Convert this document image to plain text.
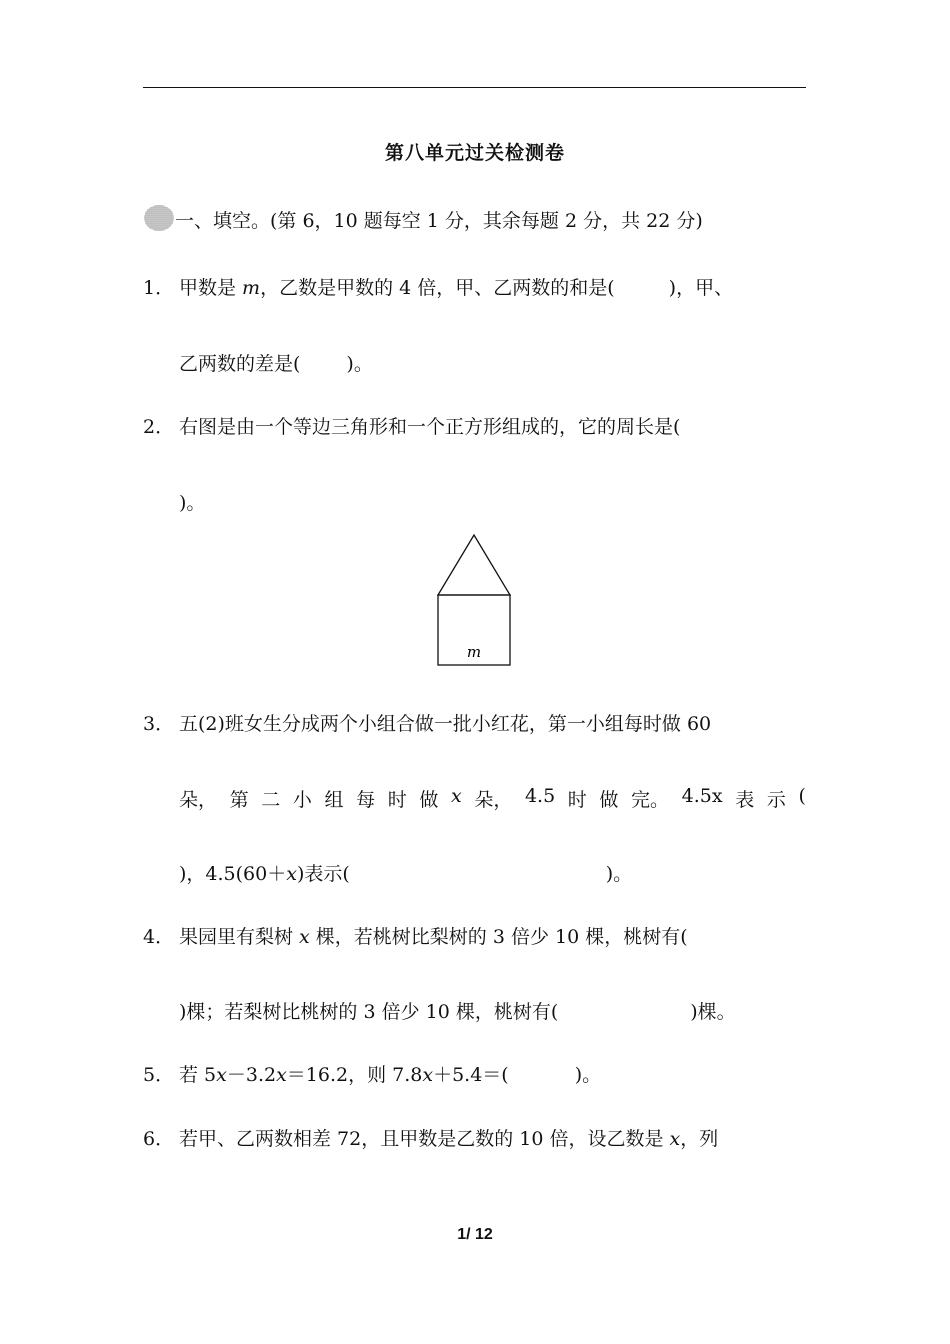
第八单元过关检测卷
一、填空。(第 6，10 题每空 1 分，其余每题 2 分，共 22 分)
1． 甲数是 m，乙数是甲数的 4 倍，甲、乙两数的和是(	)，甲、
乙两数的差是( )。
2． 右图是由一个等边三角形和一个正方形组成的，它的周长是(
)。
m
3． 五(2)班女生分成两个小组合做一批小红花，第一小组每时做 60
朵， 第 二 小 组 每 时 做 x 朵， 4.5 时 做 完。 4.5x 表 示 (
)，4.5(60＋x)表示(	)。
4． 果园里有梨树 x 棵，若桃树比梨树的 3 倍少 10 棵，桃树有(
)棵；若梨树比桃树的 3 倍少 10 棵，桃树有(	)棵。
5． 若 5x－3.2x＝16.2，则 7.8x＋5.4＝(	)。
6． 若甲、乙两数相差 72，且甲数是乙数的 10 倍，设乙数是 x，列
1/ 12
